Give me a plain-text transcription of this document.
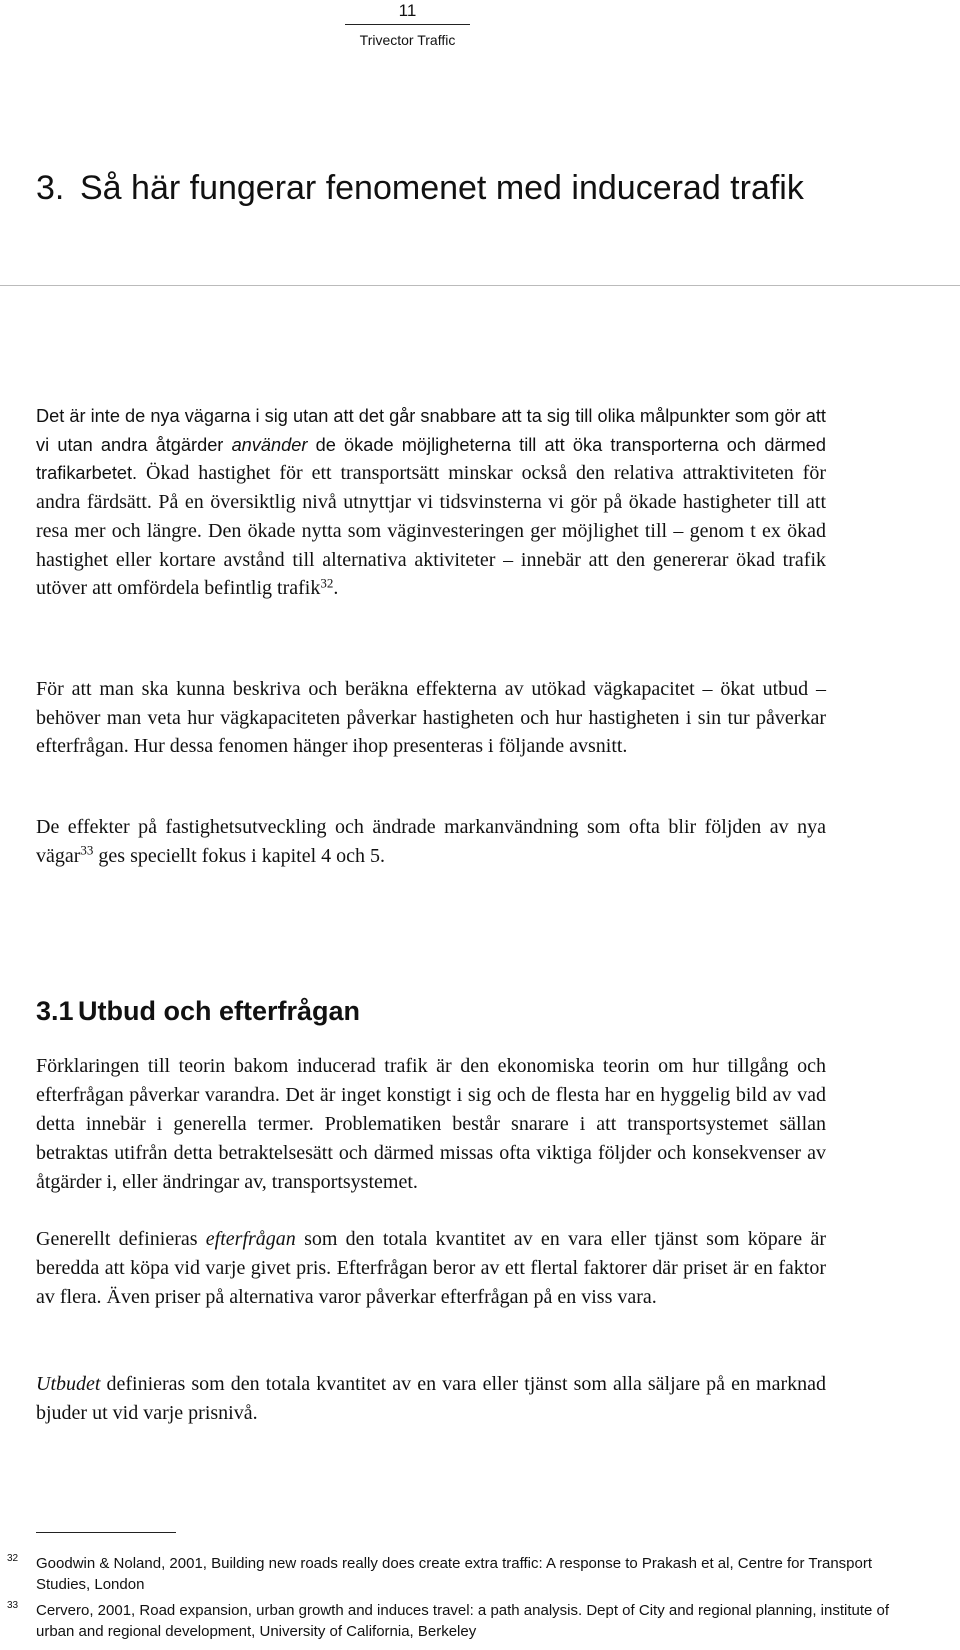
11
Trivector Traffic
3. Så här fungerar fenomenet med inducerad trafik

Det är inte de nya vägarna i sig utan att det går snabbare att ta sig till olika målpunkter som gör att vi utan andra åtgärder använder de ökade möjligheterna till att öka transporterna och därmed trafikarbetet. Ökad hastighet för ett transportsätt minskar också den relativa attraktiviteten för andra färdsätt. På en översiktlig nivå utnyttjar vi tidsvinsterna vi gör på ökade hastigheter till att resa mer och längre. Den ökade nytta som väginvesteringen ger möjlighet till – genom t ex ökad hastighet eller kortare avstånd till alternativa aktiviteter – innebär att den genererar ökad trafik utöver att omfördela befintlig trafik$^{32}$.

För att man ska kunna beskriva och beräkna effekterna av utökad vägkapacitet – ökat utbud – behöver man veta hur vägkapaciteten påverkar hastigheten och hur hastigheten i sin tur påverkar efterfrågan. Hur dessa fenomen hänger ihop presenteras i följande avsnitt.

De effekter på fastighetsutveckling och ändrade markanvändning som ofta blir följden av nya vägar$^{33}$ ges speciellt fokus i kapitel 4 och 5.

3.1 Utbud och efterfrågan

Förklaringen till teorin bakom inducerad trafik är den ekonomiska teorin om hur tillgång och efterfrågan påverkar varandra. Det är inget konstigt i sig och de flesta har en hyggelig bild av vad detta innebär i generella termer. Problematiken består snarare i att transportsystemet sällan betraktas utifrån detta betraktelsesätt och därmed missas ofta viktiga följder och konsekvenser av åtgärder i, eller ändringar av, transportsystemet.

Generellt definieras efterfrågan som den totala kvantitet av en vara eller tjänst som köpare är beredda att köpa vid varje givet pris. Efterfrågan beror av ett flertal faktorer där priset är en faktor av flera. Även priser på alternativa varor påverkar efterfrågan på en viss vara.

Utbudet definieras som den totala kvantitet av en vara eller tjänst som alla säljare på en marknad bjuder ut vid varje prisnivå.

32 Goodwin & Noland, 2001, Building new roads really does create extra traffic: A response to Prakash et al, Centre for Transport Studies, London
33 Cervero, 2001, Road expansion, urban growth and induces travel: a path analysis. Dept of City and regional planning, institute of urban and regional development, University of California, Berkeley
